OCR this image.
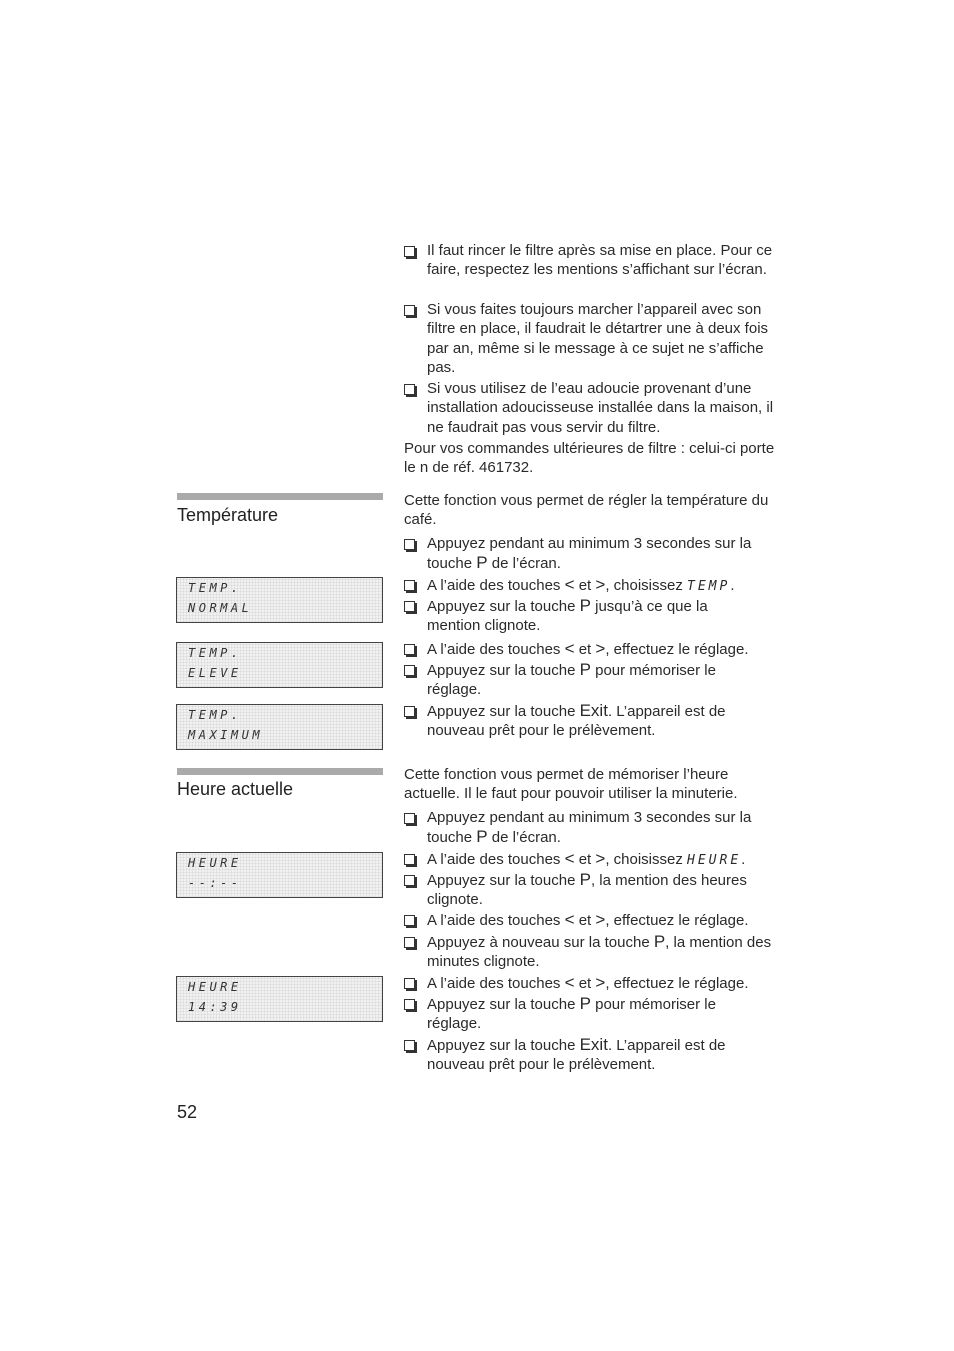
Il faut rincer le filtre après sa mise en place. Pour ce faire, respectez les mentions s’affichant sur l’écran.
Si vous faites toujours marcher l’appareil avec son filtre en place, il faudrait le détartrer une à deux fois par an, même si le message à ce sujet ne s’affiche pas.
Si vous utilisez de l’eau adoucie provenant d’une installation adoucisseuse installée dans la maison, il ne faudrait pas vous servir du filtre.
Pour vos commandes ultérieures de filtre : celui-ci porte le n de réf. 461732.
Température
Cette fonction vous permet de régler la température du café.
TEMP.
NORMAL
TEMP.
ELEVE
TEMP.
MAXIMUM
Appuyez pendant au minimum 3 secondes sur la touche P de l’écran.
A l’aide des touches < et >, choisissez TEMP.
Appuyez sur la touche P jusqu’à ce que la mention clignote.
A l’aide des touches < et >, effectuez le réglage.
Appuyez sur la touche P pour mémoriser le réglage.
Appuyez sur la touche Exit. L’appareil est de nouveau prêt pour le prélèvement.
Heure actuelle
Cette fonction vous permet de mémoriser l’heure actuelle. Il le faut pour pouvoir utiliser la minuterie.
HEURE
--:--
HEURE
14:39
Appuyez pendant au minimum 3 secondes sur la touche P de l’écran.
A l’aide des touches < et >, choisissez HEURE.
Appuyez sur la touche P, la mention des heures clignote.
A l’aide des touches < et >, effectuez le réglage.
Appuyez à nouveau sur la touche P, la mention des minutes clignote.
A l’aide des touches < et >, effectuez le réglage.
Appuyez sur la touche P pour mémoriser le réglage.
Appuyez sur la touche Exit. L’appareil est de nouveau prêt pour le prélèvement.
52
